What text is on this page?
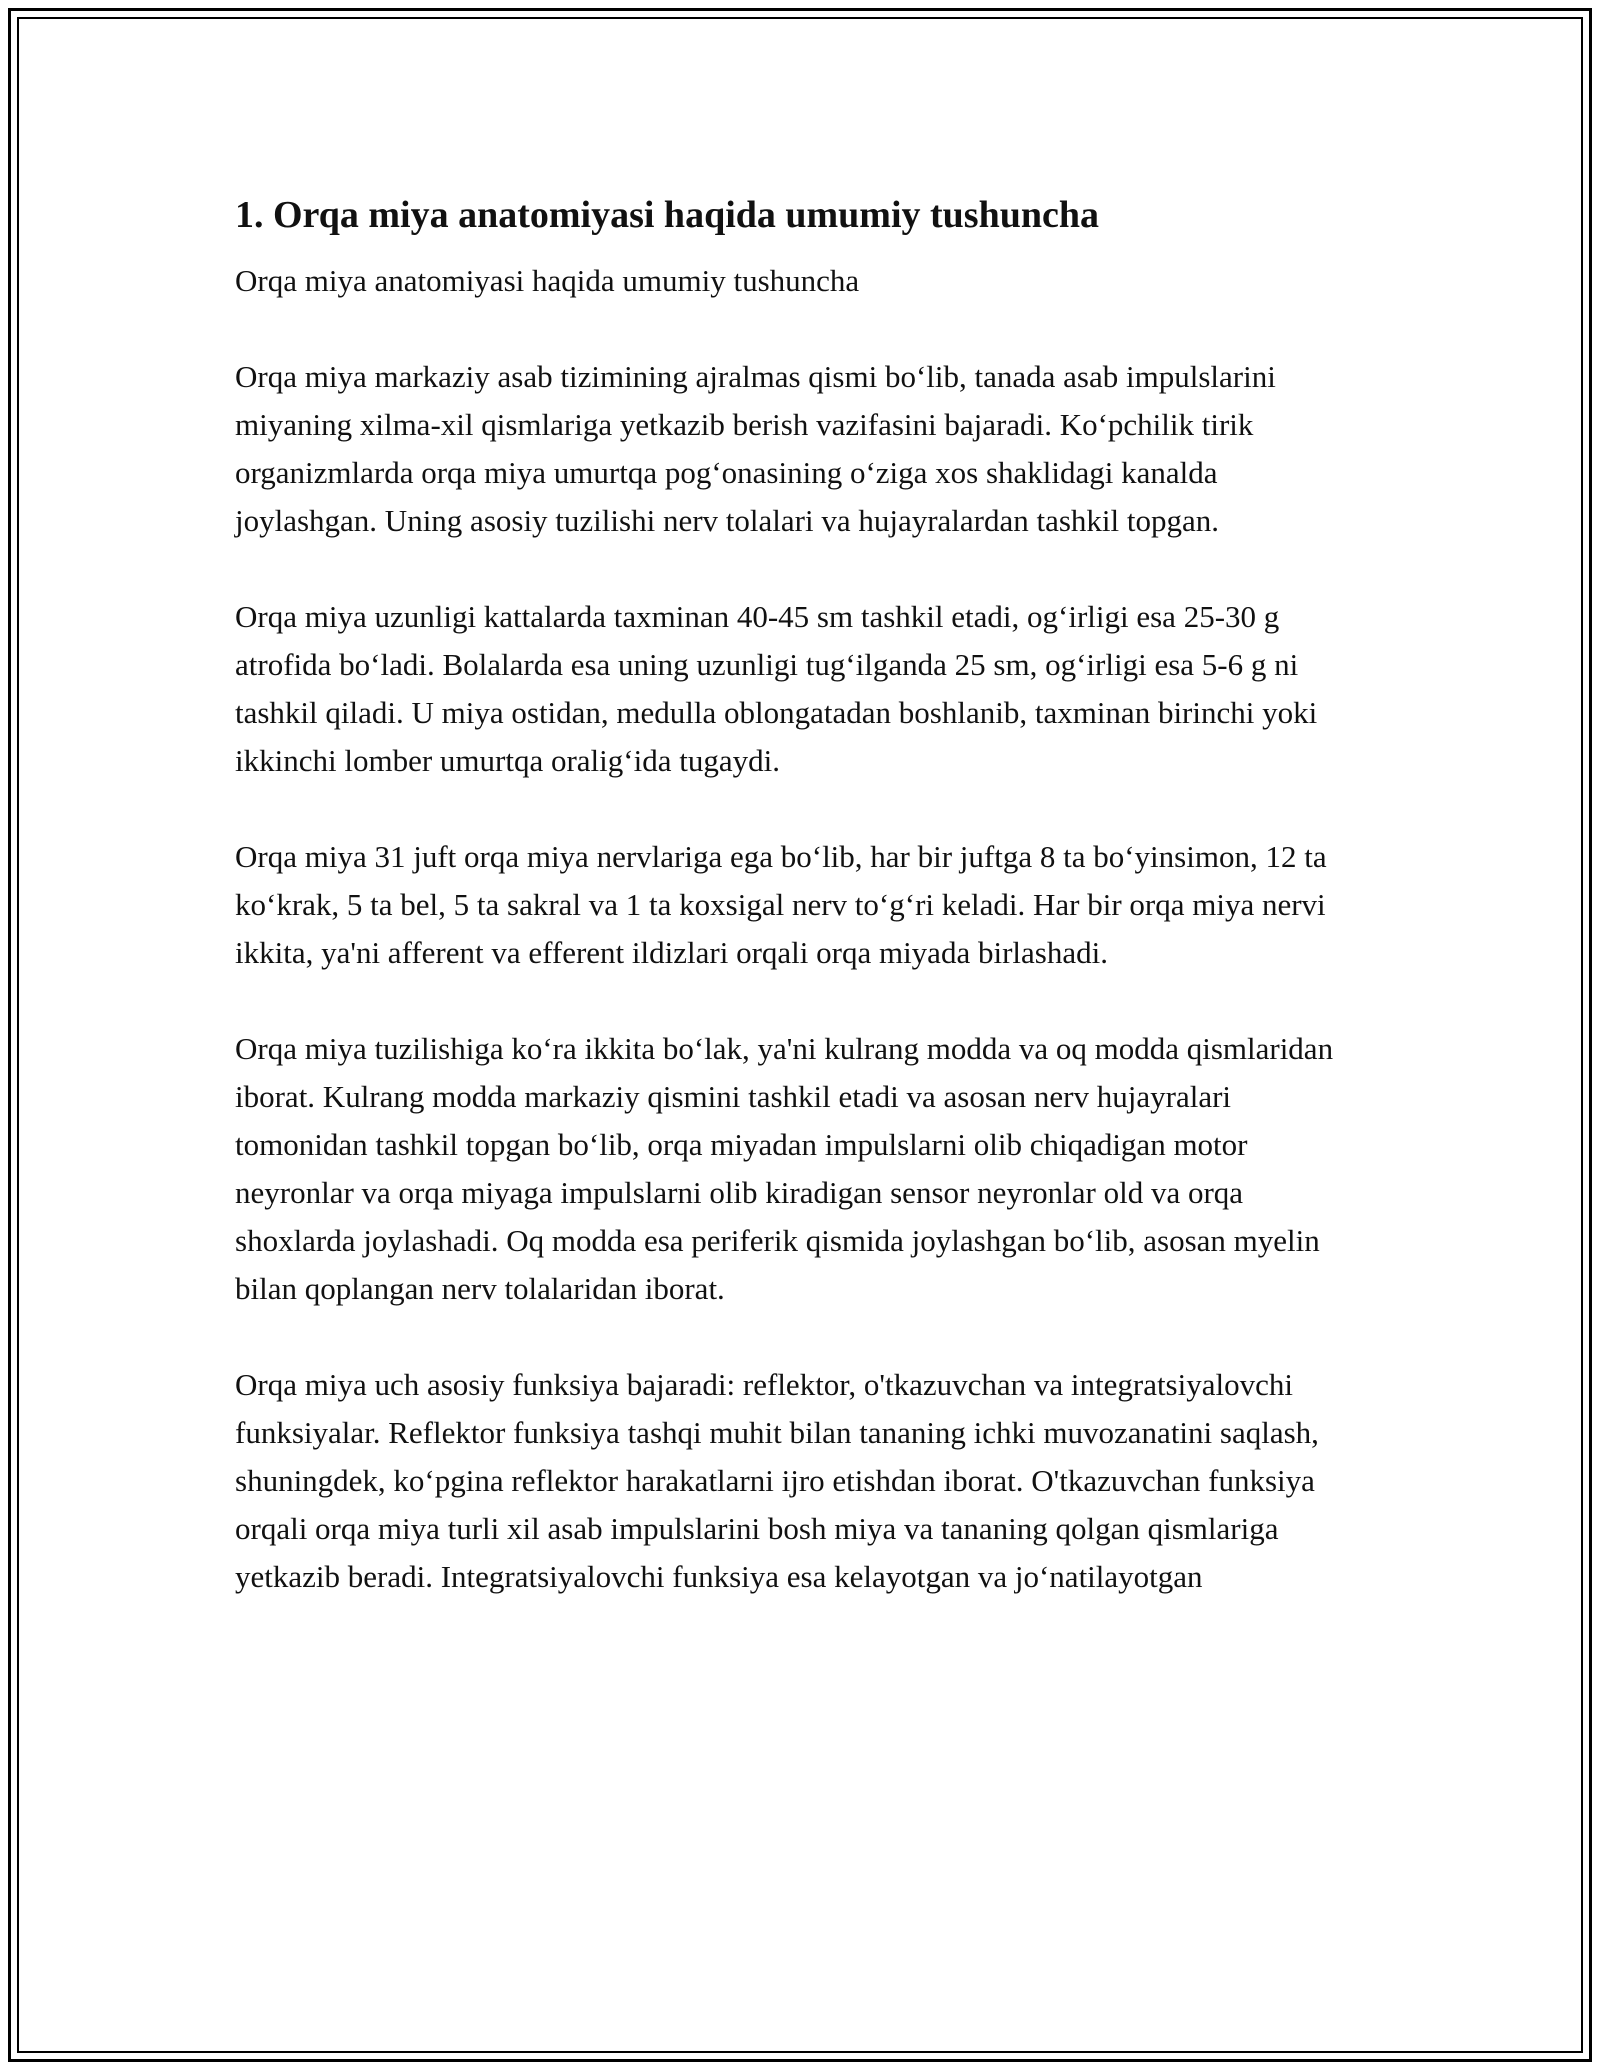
1. Orqa miya anatomiyasi haqida umumiy tushuncha

Orqa miya anatomiyasi haqida umumiy tushuncha

Orqa miya markaziy asab tizimining ajralmas qismi bo‘lib, tanada asab impulslarini miyaning xilma-xil qismlariga yetkazib berish vazifasini bajaradi. Ko‘pchilik tirik organizmlarda orqa miya umurtqa pog‘onasining o‘ziga xos shaklidagi kanalda joylashgan. Uning asosiy tuzilishi nerv tolalari va hujayralardan tashkil topgan.

Orqa miya uzunligi kattalarda taxminan 40-45 sm tashkil etadi, og‘irligi esa 25-30 g atrofida bo‘ladi. Bolalarda esa uning uzunligi tug‘ilganda 25 sm, og‘irligi esa 5-6 g ni tashkil qiladi. U miya ostidan, medulla oblongatadan boshlanib, taxminan birinchi yoki ikkinchi lomber umurtqa oralig‘ida tugaydi.

Orqa miya 31 juft orqa miya nervlariga ega bo‘lib, har bir juftga 8 ta bo‘yinsimon, 12 ta ko‘krak, 5 ta bel, 5 ta sakral va 1 ta koxsigal nerv to‘g‘ri keladi. Har bir orqa miya nervi ikkita, ya'ni afferent va efferent ildizlari orqali orqa miyada birlashadi.

Orqa miya tuzilishiga ko‘ra ikkita bo‘lak, ya'ni kulrang modda va oq modda qismlaridan iborat. Kulrang modda markaziy qismini tashkil etadi va asosan nerv hujayralari tomonidan tashkil topgan bo‘lib, orqa miyadan impulslarni olib chiqadigan motor neyronlar va orqa miyaga impulslarni olib kiradigan sensor neyronlar old va orqa shoxlarda joylashadi. Oq modda esa periferik qismida joylashgan bo‘lib, asosan myelin bilan qoplangan nerv tolalaridan iborat.

Orqa miya uch asosiy funksiya bajaradi: reflektor, o'tkazuvchan va integratsiyalovchi funksiyalar. Reflektor funksiya tashqi muhit bilan tananing ichki muvozanatini saqlash, shuningdek, ko‘pgina reflektor harakatlarni ijro etishdan iborat. O'tkazuvchan funksiya orqali orqa miya turli xil asab impulslarini bosh miya va tananing qolgan qismlariga yetkazib beradi. Integratsiyalovchi funksiya esa kelayotgan va jo‘natilayotgan
